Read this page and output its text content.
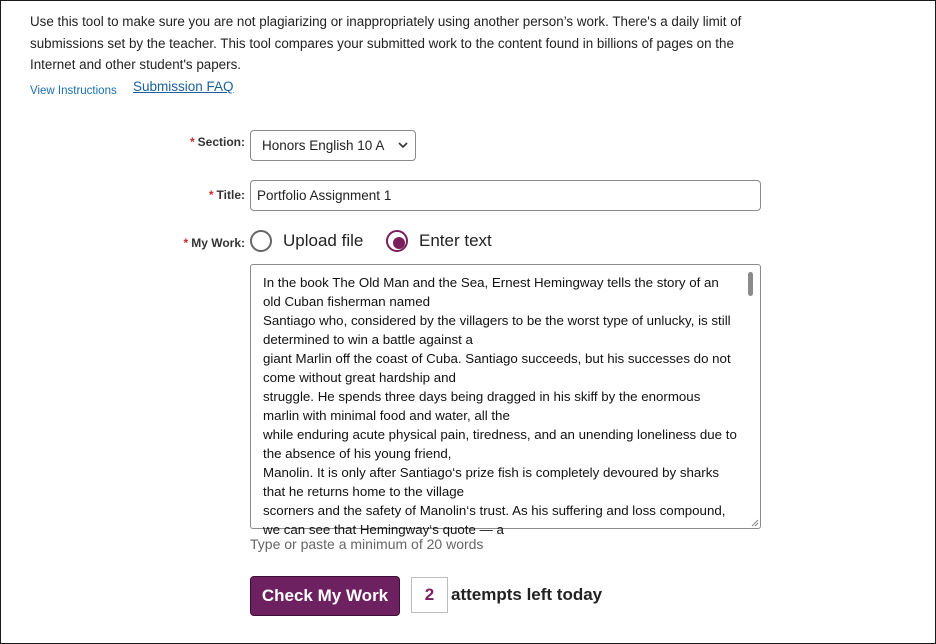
Use this tool to make sure you are not plagiarizing or inappropriately using another person’s work. There's a daily limit of submissions set by the teacher. This tool compares your submitted work to the content found in billions of pages on the Internet and other student's papers.
View Instructions Submission FAQ
* Section: Honors English 10 A
* Title: Portfolio Assignment 1
* My Work: Upload file	Enter text
In the book The Old Man and the Sea, Ernest Hemingway tells the story of an old Cuban fisherman named
Santiago who, considered by the villagers to be the worst type of unlucky, is still determined to win a battle against a
giant Marlin off the coast of Cuba. Santiago succeeds, but his successes do not come without great hardship and
struggle. He spends three days being dragged in his skiff by the enormous marlin with minimal food and water, all the
while enduring acute physical pain, tiredness, and an unending loneliness due to the absence of his young friend,
Manolin. It is only after Santiago‘s prize fish is completely devoured by sharks that he returns home to the village
scorners and the safety of Manolin‘s trust. As his suffering and loss compound, we can see that Hemingway‘s quote — a
Type or paste a minimum of 20 words
Check My Work	2 attempts left today
